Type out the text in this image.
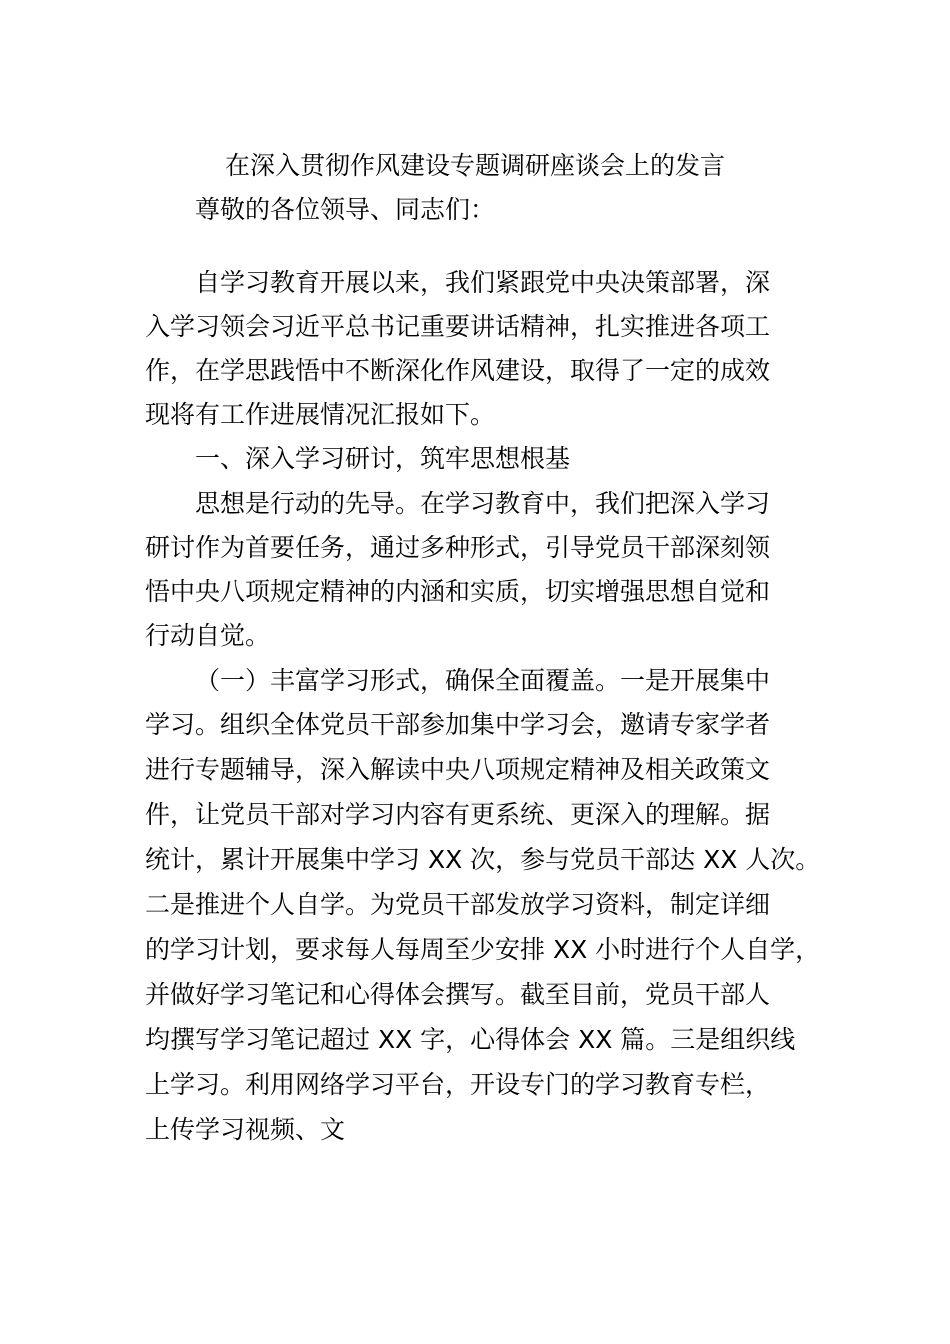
在深入贯彻作风建设专题调研座谈会上的发言
尊敬的各位领导、同志们：
自学习教育开展以来，我们紧跟党中央决策部署，深
入学习领会习近平总书记重要讲话精神，扎实推进各项工
作，在学思践悟中不断深化作风建设，取得了一定的成效
现将有工作进展情况汇报如下。
一、深入学习研讨，筑牢思想根基
思想是行动的先导。在学习教育中，我们把深入学习
研讨作为首要任务，通过多种形式，引导党员干部深刻领
悟中央八项规定精神的内涵和实质，切实增强思想自觉和
行动自觉。
（一）丰富学习形式，确保全面覆盖。一是开展集中
学习。组织全体党员干部参加集中学习会，邀请专家学者
进行专题辅导，深入解读中央八项规定精神及相关政策文
件，让党员干部对学习内容有更系统、更深入的理解。据
统计，累计开展集中学习 XX 次，参与党员干部达 XX 人次。
二是推进个人自学。为党员干部发放学习资料，制定详细
的学习计划，要求每人每周至少安排 XX 小时进行个人自学，
并做好学习笔记和心得体会撰写。截至目前，党员干部人
均撰写学习笔记超过 XX 字，心得体会 XX 篇。三是组织线
上学习。利用网络学习平台，开设专门的学习教育专栏，
上传学习视频、文
